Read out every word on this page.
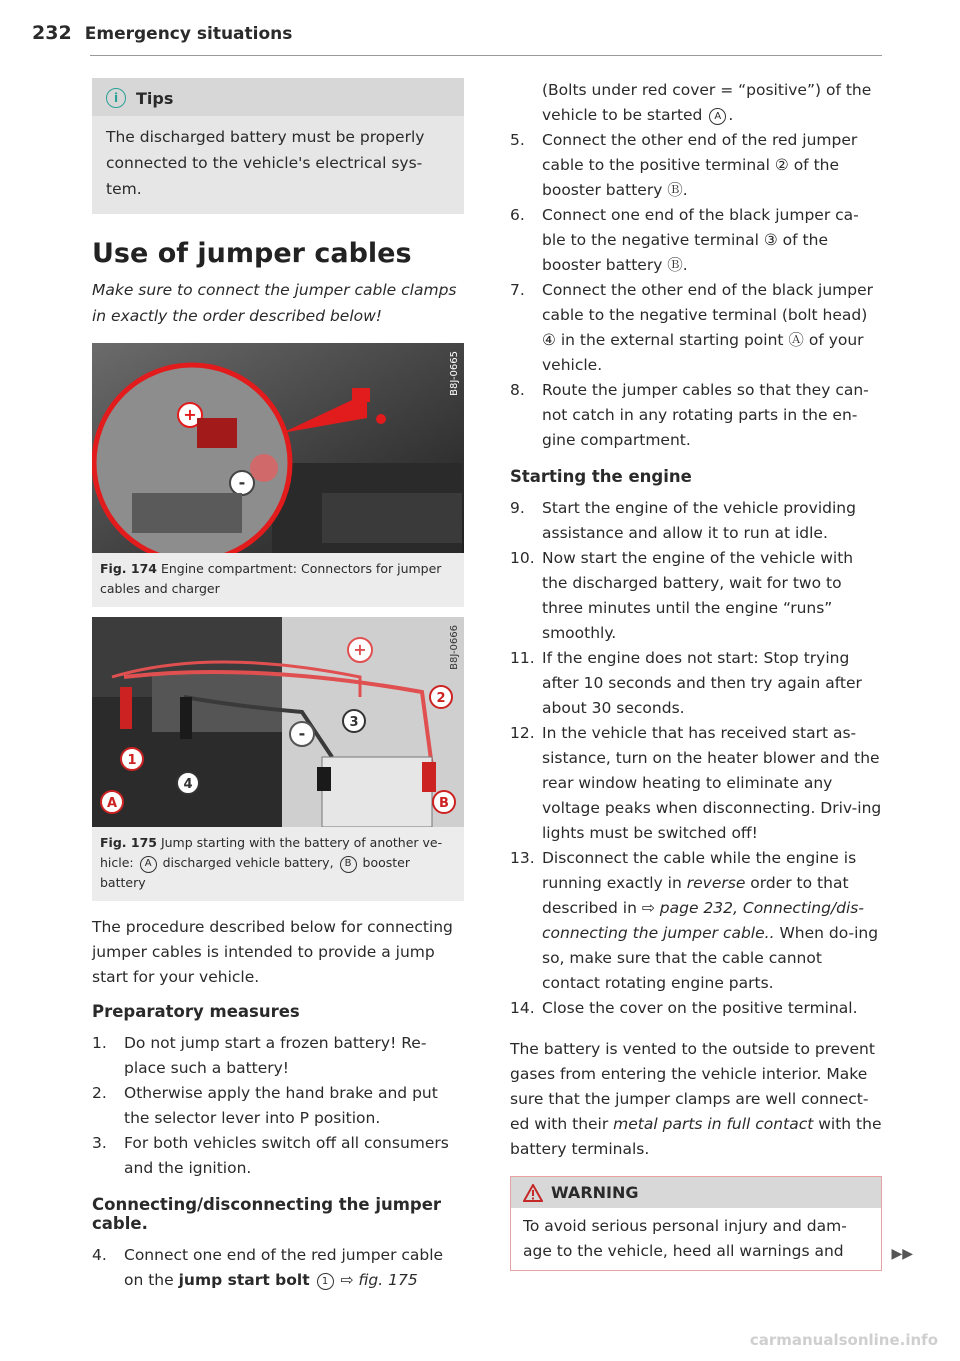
232 Emergency situations
i	Tips
The discharged battery must be properly connected to the vehicle's electrical sys-tem.
Use of jumper cables
Make sure to connect the jumper cable clamps in exactly the order described below!
+
-
B8J-0665
Fig. 174 Engine compartment: Connectors for jumper cables and charger
+
-
1
2
3
4
A	B
B8J-0666
Fig. 175 Jump starting with the battery of another ve-hicle: A discharged vehicle battery, B booster battery
The procedure described below for connecting jumper cables is intended to provide a jump start for your vehicle.
Preparatory measures
1.	Do not jump start a frozen battery! Re-place such a battery!
2.	Otherwise apply the hand brake and put the selector lever into P position.
3.	For both vehicles switch off all consumers and the ignition.
Connecting/disconnecting the jumper cable.
4.	Connect one end of the red jumper cable on the jump start bolt 1 ⇨ fig. 175
(Bolts under red cover = “positive”) of the vehicle to be started A .
5.	Connect the other end of the red jumper cable to the positive terminal ② of the booster battery Ⓑ.
6.	Connect one end of the black jumper ca-ble to the negative terminal ③ of the booster battery Ⓑ.
7.	Connect the other end of the black jumper cable to the negative terminal (bolt head) ④ in the external starting point Ⓐ of your vehicle.
8.	Route the jumper cables so that they can-not catch in any rotating parts in the en-gine compartment.
Starting the engine
9.	Start the engine of the vehicle providing assistance and allow it to run at idle.
10. Now start the engine of the vehicle with the discharged battery, wait for two to three minutes until the engine “runs” smoothly.
11. If the engine does not start: Stop trying after 10 seconds and then try again after about 30 seconds.
12. In the vehicle that has received start as-sistance, turn on the heater blower and the rear window heating to eliminate any voltage peaks when disconnecting. Driv-ing lights must be switched off!
13. Disconnect the cable while the engine is running exactly in reverse order to that described in ⇨ page 232, Connecting/dis-connecting the jumper cable.. When do-ing so, make sure that the cable cannot contact rotating engine parts.
14. Close the cover on the positive terminal.
The battery is vented to the outside to prevent gases from entering the vehicle interior. Make sure that the jumper clamps are well connect-ed with their metal parts in full contact with the battery terminals.
WARNING
To avoid serious personal injury and dam-age to the vehicle, heed all warnings and	▶▶
carmanualsonline.info
